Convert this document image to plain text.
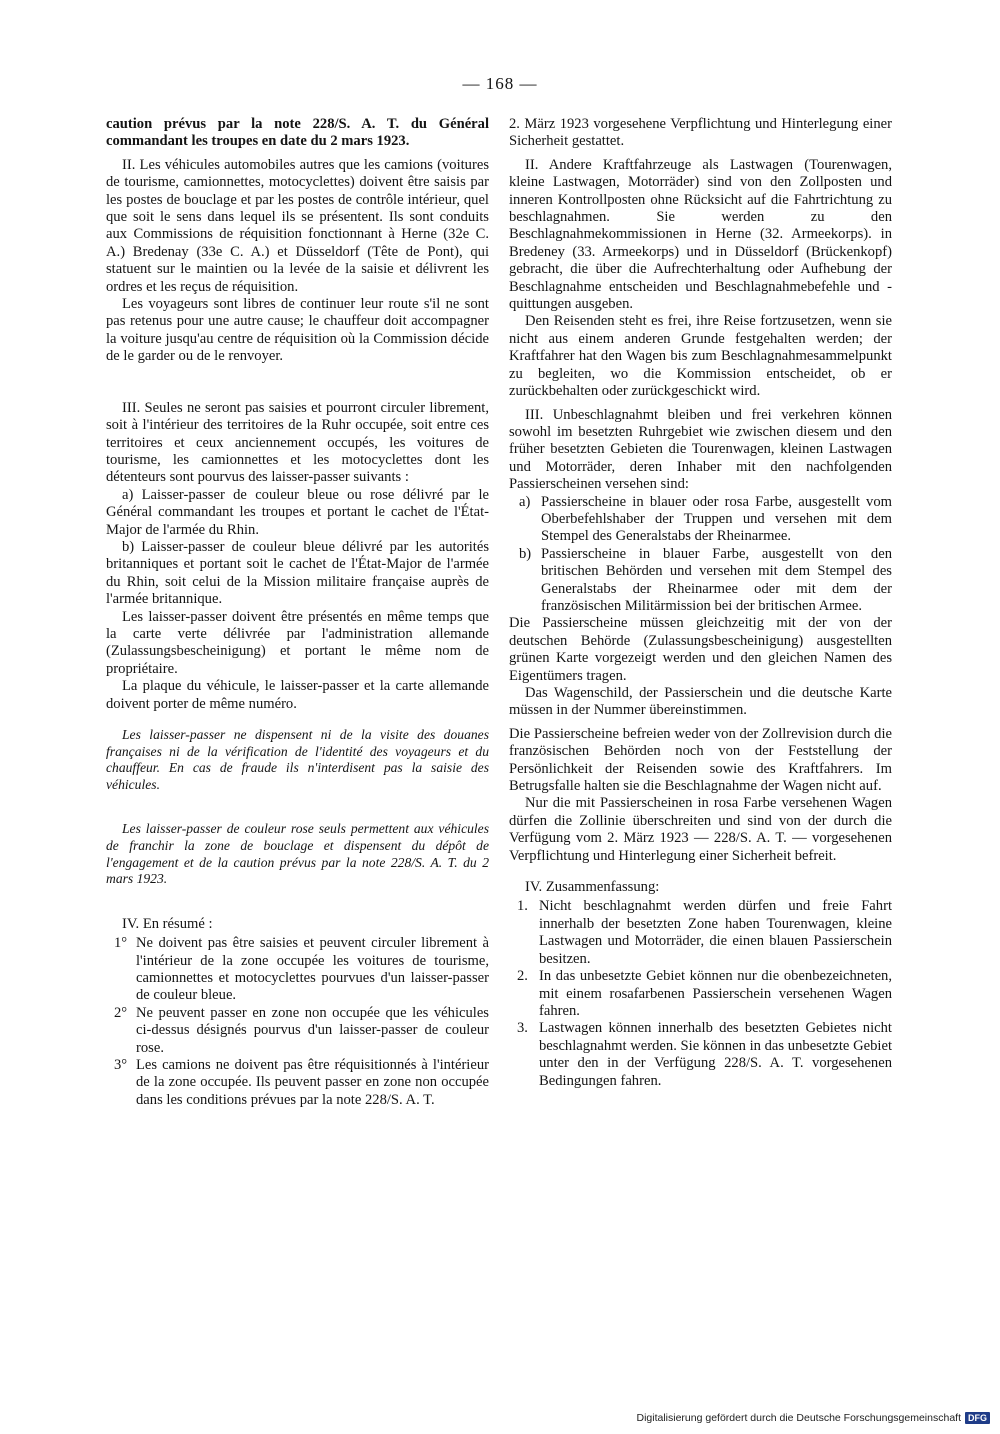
— 168 —

caution prévus par la note 228/S. A. T. du Général commandant les troupes en date du 2 mars 1923.

II. Les véhicules automobiles autres que les camions (voitures de tourisme, camionnettes, motocyclettes) doivent être saisis par les postes de bouclage et par les postes de contrôle intérieur, quel que soit le sens dans lequel ils se présentent. Ils sont conduits aux Commissions de réquisition fonctionnant à Herne (32e C. A.) Bredenay (33e C. A.) et Düsseldorf (Tête de Pont), qui statuent sur le maintien ou la levée de la saisie et délivrent les ordres et les reçus de réquisition.

Les voyageurs sont libres de continuer leur route s'il ne sont pas retenus pour une autre cause; le chauffeur doit accompagner la voiture jusqu'au centre de réquisition où la Commission décide de le garder ou de le renvoyer.

III. Seules ne seront pas saisies et pourront circuler librement, soit à l'intérieur des territoires de la Ruhr occupée, soit entre ces territoires et ceux anciennement occupés, les voitures de tourisme, les camionnettes et les motocyclettes dont les détenteurs sont pourvus des laisser-passer suivants :

a) Laisser-passer de couleur bleue ou rose délivré par le Général commandant les troupes et portant le cachet de l'État-Major de l'armée du Rhin.

b) Laisser-passer de couleur bleue délivré par les autorités britanniques et portant soit le cachet de l'État-Major de l'armée du Rhin, soit celui de la Mission militaire française auprès de l'armée britannique.

Les laisser-passer doivent être présentés en même temps que la carte verte délivrée par l'administration allemande (Zulassungsbescheinigung) et portant le même nom de propriétaire.

La plaque du véhicule, le laisser-passer et la carte allemande doivent porter de même numéro.

Les laisser-passer ne dispensent ni de la visite des douanes françaises ni de la vérification de l'identité des voyageurs et du chauffeur. En cas de fraude ils n'interdisent pas la saisie des véhicules.

Les laisser-passer de couleur rose seuls permettent aux véhicules de franchir la zone de bouclage et dispensent du dépôt de l'engagement et de la caution prévus par la note 228/S. A. T. du 2 mars 1923.

IV. En résumé :

1° Ne doivent pas être saisies et peuvent circuler librement à l'intérieur de la zone occupée les voitures de tourisme, camionnettes et motocyclettes pourvues d'un laisser-passer de couleur bleue.
2° Ne peuvent passer en zone non occupée que les véhicules ci-dessus désignés pourvus d'un laisser-passer de couleur rose.
3° Les camions ne doivent pas être réquisitionnés à l'intérieur de la zone occupée. Ils peuvent passer en zone non occupée dans les conditions prévues par la note 228/S. A. T.

2. März 1923 vorgesehene Verpflichtung und Hinterlegung einer Sicherheit gestattet.

II. Andere Kraftfahrzeuge als Lastwagen (Tourenwagen, kleine Lastwagen, Motorräder) sind von den Zollposten und inneren Kontrollposten ohne Rücksicht auf die Fahrtrichtung zu beschlagnahmen. Sie werden zu den Beschlagnahmekommissionen in Herne (32. Armeekorps). in Bredeney (33. Armeekorps) und in Düsseldorf (Brückenkopf) gebracht, die über die Aufrechterhaltung oder Aufhebung der Beschlagnahme entscheiden und Beschlagnahmebefehle und -quittungen ausgeben.

Den Reisenden steht es frei, ihre Reise fortzusetzen, wenn sie nicht aus einem anderen Grunde festgehalten werden; der Kraftfahrer hat den Wagen bis zum Beschlagnahmesammelpunkt zu begleiten, wo die Kommission entscheidet, ob er zurückbehalten oder zurückgeschickt wird.

III. Unbeschlagnahmt bleiben und frei verkehren können sowohl im besetzten Ruhrgebiet wie zwischen diesem und den früher besetzten Gebieten die Tourenwagen, kleinen Lastwagen und Motorräder, deren Inhaber mit den nachfolgenden Passierscheinen versehen sind:

a) Passierscheine in blauer oder rosa Farbe, ausgestellt vom Oberbefehlshaber der Truppen und versehen mit dem Stempel des Generalstabs der Rheinarmee.
b) Passierscheine in blauer Farbe, ausgestellt von den britischen Behörden und versehen mit dem Stempel des Generalstabs der Rheinarmee oder mit dem der französischen Militärmission bei der britischen Armee.

Die Passierscheine müssen gleichzeitig mit der von der deutschen Behörde (Zulassungsbescheinigung) ausgestellten grünen Karte vorgezeigt werden und den gleichen Namen des Eigentümers tragen.

Das Wagenschild, der Passierschein und die deutsche Karte müssen in der Nummer übereinstimmen.

Die Passierscheine befreien weder von der Zollrevision durch die französischen Behörden noch von der Feststellung der Persönlichkeit der Reisenden sowie des Kraftfahrers. Im Betrugsfalle halten sie die Beschlagnahme der Wagen nicht auf.

Nur die mit Passierscheinen in rosa Farbe versehenen Wagen dürfen die Zollinie überschreiten und sind von der durch die Verfügung vom 2. März 1923 — 228/S. A. T. — vorgesehenen Verpflichtung und Hinterlegung einer Sicherheit befreit.

IV. Zusammenfassung:

1. Nicht beschlagnahmt werden dürfen und freie Fahrt innerhalb der besetzten Zone haben Tourenwagen, kleine Lastwagen und Motorräder, die einen blauen Passierschein besitzen.
2. In das unbesetzte Gebiet können nur die obenbezeichneten, mit einem rosafarbenen Passierschein versehenen Wagen fahren.
3. Lastwagen können innerhalb des besetzten Gebietes nicht beschlagnahmt werden. Sie können in das unbesetzte Gebiet unter den in der Verfügung 228/S. A. T. vorgesehenen Bedingungen fahren.
Digitalisierung gefördert durch die Deutsche Forschungsgemeinschaft DFG
